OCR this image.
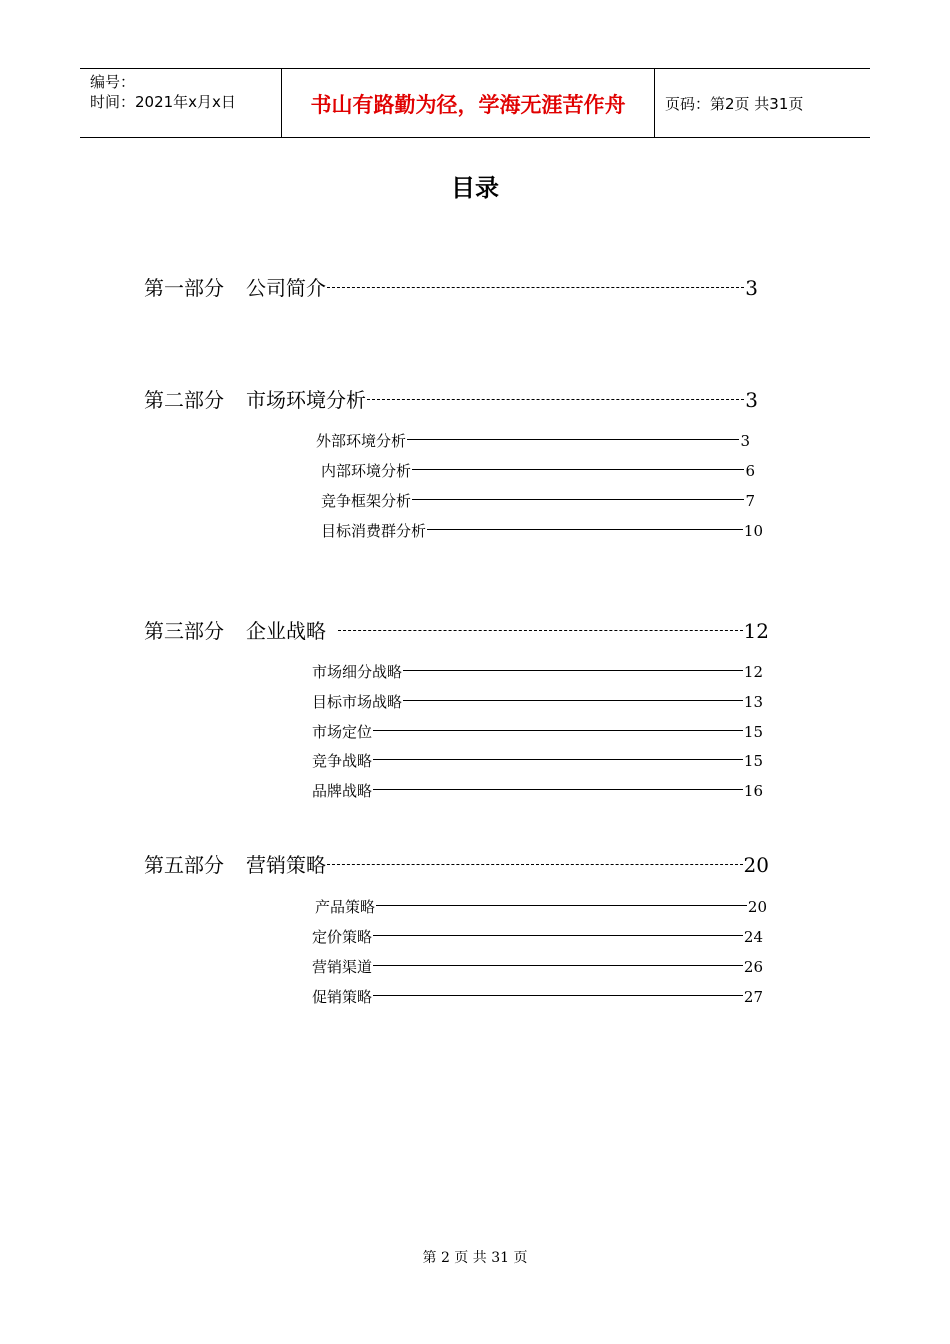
编号：
时间：2021年x月x日	书山有路勤为径，学海无涯苦作舟	页码：第2页 共31页
目录
第一部分 公司简介	3
第二部分 市场环境分析	3
外部环境分析	3
内部环境分析	6
竞争框架分析	7
目标消费群分析	10
第三部分 企业战略	12
市场细分战略	12
目标市场战略	13
市场定位	15
竞争战略	15
品牌战略	16
第五部分 营销策略	20
产品策略	20
定价策略	24
营销渠道	26
促销策略	27
第 2 页 共 31 页
